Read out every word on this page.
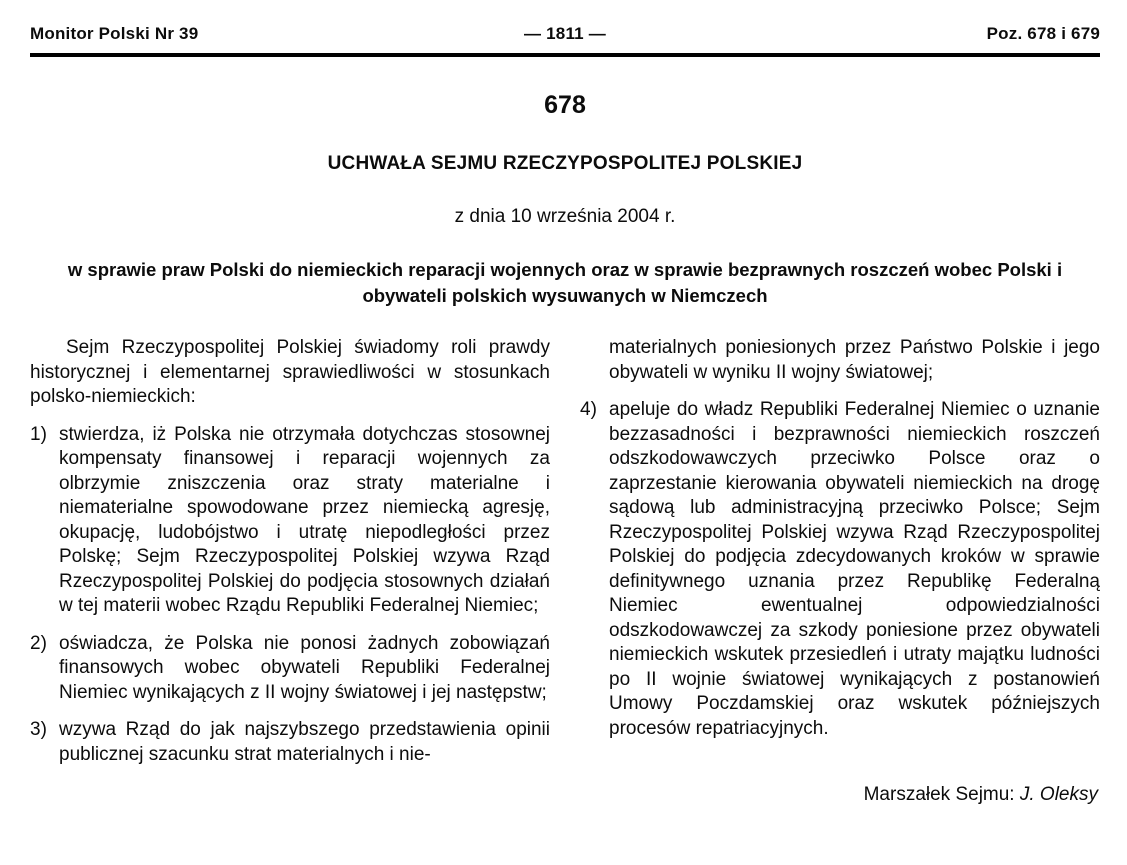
Monitor Polski Nr 39	— 1811 —	Poz. 678 i 679
678
UCHWAŁA SEJMU RZECZYPOSPOLITEJ POLSKIEJ
z dnia 10 września 2004 r.
w sprawie praw Polski do niemieckich reparacji wojennych oraz w sprawie bezprawnych roszczeń wobec Polski i obywateli polskich wysuwanych w Niemczech

Sejm Rzeczypospolitej Polskiej świadomy roli prawdy historycznej i elementarnej sprawiedliwości w stosunkach polsko-niemieckich:

1) stwierdza, iż Polska nie otrzymała dotychczas stosownej kompensaty finansowej i reparacji wojennych za olbrzymie zniszczenia oraz straty materialne i niematerialne spowodowane przez niemiecką agresję, okupację, ludobójstwo i utratę niepodległości przez Polskę; Sejm Rzeczypospolitej Polskiej wzywa Rząd Rzeczypospolitej Polskiej do podjęcia stosownych działań w tej materii wobec Rządu Republiki Federalnej Niemiec;
2) oświadcza, że Polska nie ponosi żadnych zobowiązań finansowych wobec obywateli Republiki Federalnej Niemiec wynikających z II wojny światowej i jej następstw;
3) wzywa Rząd do jak najszybszego przedstawienia opinii publicznej szacunku strat materialnych i nie-

materialnych poniesionych przez Państwo Polskie i jego obywateli w wyniku II wojny światowej;

4) apeluje do władz Republiki Federalnej Niemiec o uznanie bezzasadności i bezprawności niemieckich roszczeń odszkodowawczych przeciwko Polsce oraz o zaprzestanie kierowania obywateli niemieckich na drogę sądową lub administracyjną przeciwko Polsce; Sejm Rzeczypospolitej Polskiej wzywa Rząd Rzeczypospolitej Polskiej do podjęcia zdecydowanych kroków w sprawie definitywnego uznania przez Republikę Federalną Niemiec ewentualnej odpowiedzialności odszkodowawczej za szkody poniesione przez obywateli niemieckich wskutek przesiedleń i utraty majątku ludności po II wojnie światowej wynikających z postanowień Umowy Poczdamskiej oraz wskutek późniejszych procesów repatriacyjnych.
Marszałek Sejmu: J. Oleksy
